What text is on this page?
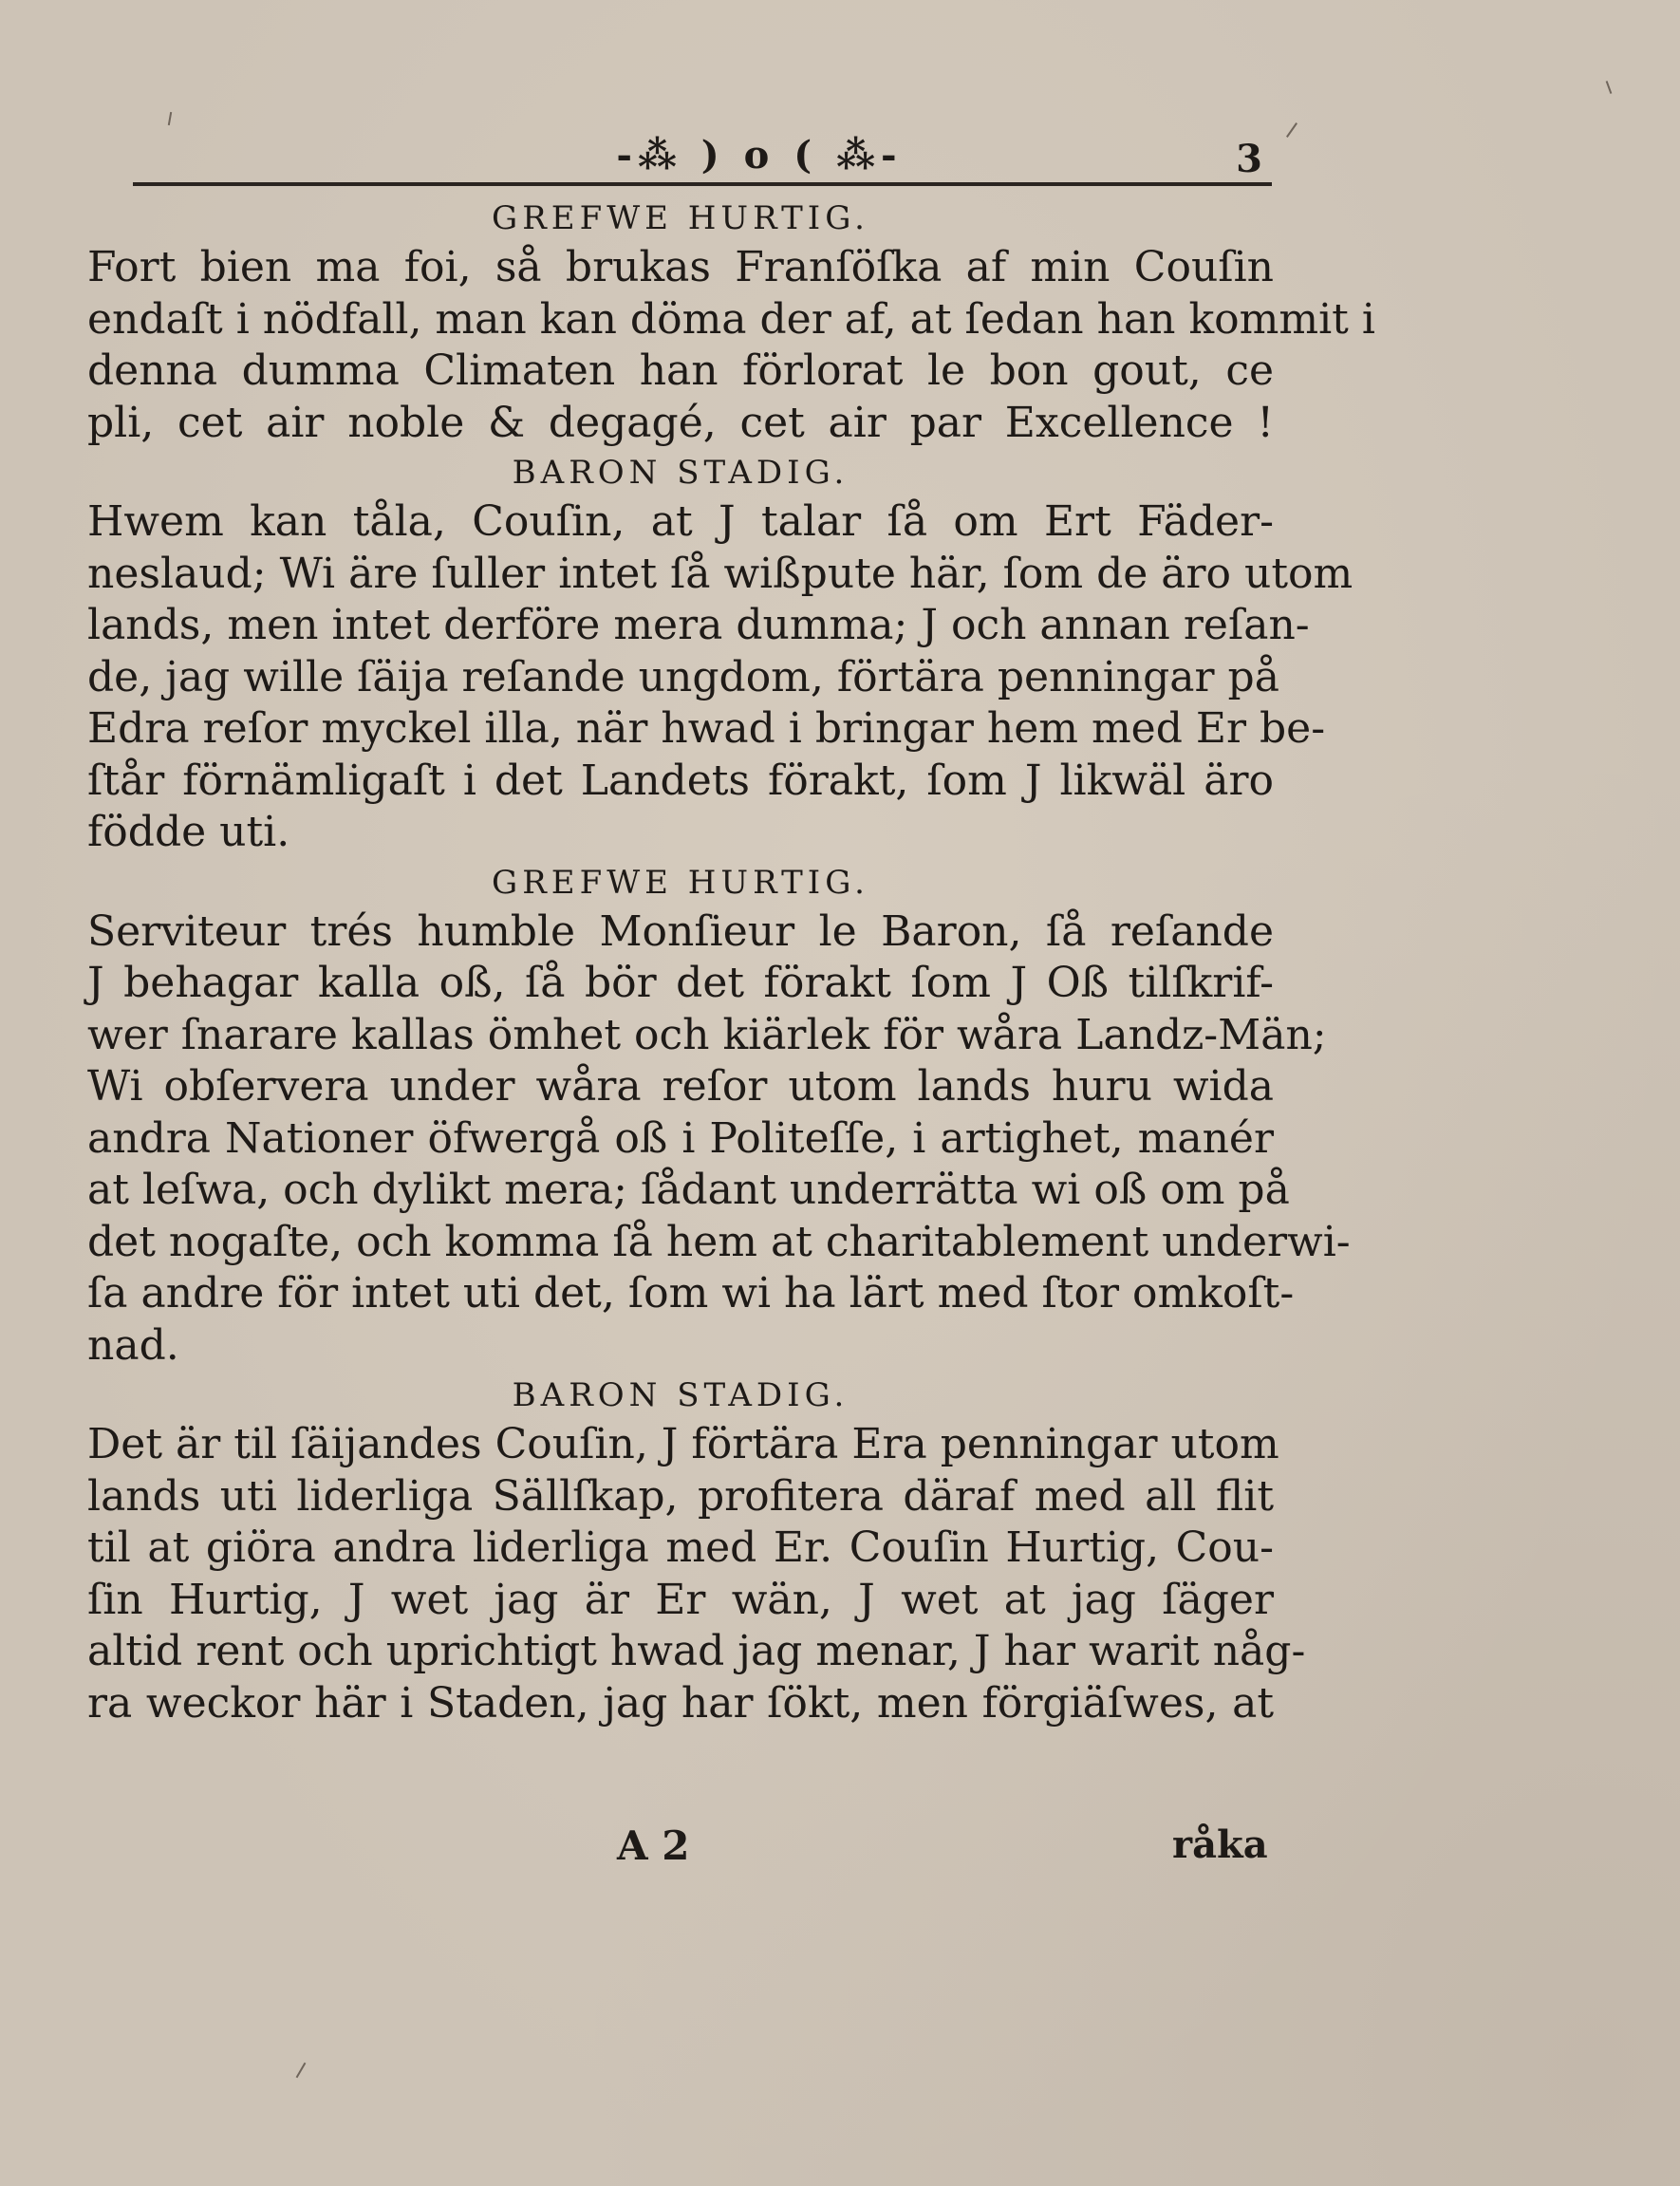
-⁂ ) o ( ⁂-	3
GREFWE HURTIG.
Fort bien ma foi, så brukas Franſöſka af min Couſin
endaſt i nödfall, man kan döma der af, at ſedan han kommit i
denna dumma Climaten han förlorat le bon gout, ce
pli, cet air noble & degagé, cet air par Excellence !
BARON STADIG.
Hwem kan tåla, Couſin, at J talar ſå om Ert Fäder-
neslaud; Wi äre ſuller intet ſå wißpute här, ſom de äro utom
lands, men intet derföre mera dumma; J och annan reſan-
de, jag wille ſäija reſande ungdom, förtära penningar på
Edra reſor myckel illa, när hwad i bringar hem med Er be-
ſtår förnämligaſt i det Landets förakt, ſom J likwäl äro
födde uti.
GREFWE HURTIG.
Serviteur trés humble Monſieur le Baron, ſå reſande
J behagar kalla oß, ſå bör det förakt ſom J Oß tilſkrif-
wer ſnarare kallas ömhet och kiärlek för wåra Landz-Män;
Wi obſervera under wåra reſor utom lands huru wida
andra Nationer öfwergå oß i Politeſſe, i artighet, manér
at leſwa, och dylikt mera; ſådant underrätta wi oß om på
det nogaſte, och komma ſå hem at charitablement underwi-
ſa andre för intet uti det, ſom wi ha lärt med ſtor omkoſt-
nad.
BARON STADIG.
Det är til ſäijandes Couſin, J förtära Era penningar utom
lands uti liderliga Sällſkap, profitera däraf med all flit
til at giöra andra liderliga med Er. Couſin Hurtig, Cou-
ſin Hurtig, J wet jag är Er wän, J wet at jag ſäger
altid rent och uprichtigt hwad jag menar, J har warit någ-
ra weckor här i Staden, jag har ſökt, men förgiäſwes, at
A 2	råka
